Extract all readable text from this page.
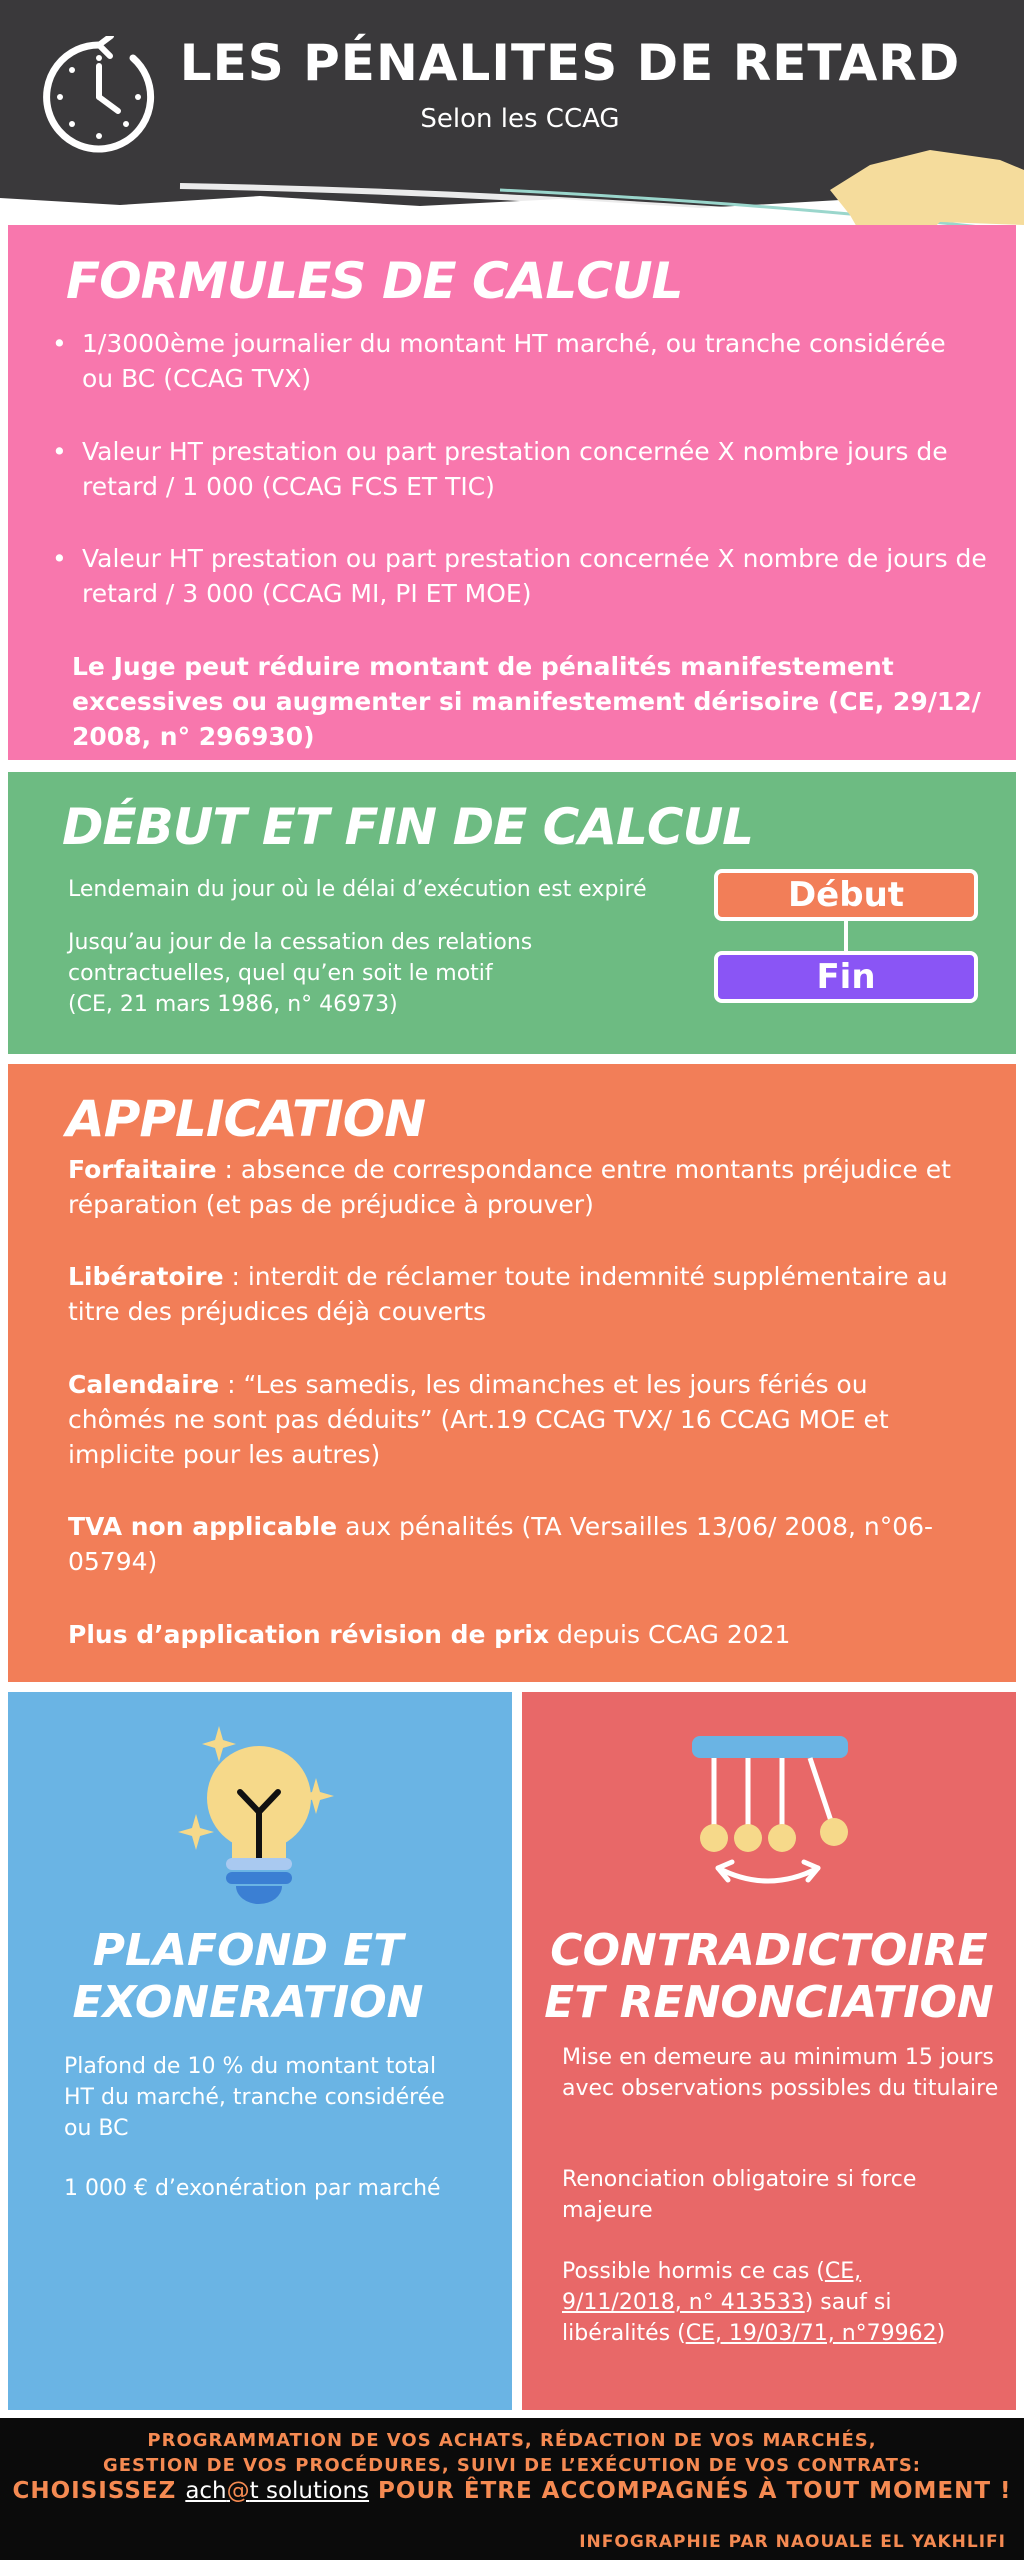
LES PÉNALITES DE RETARD
Selon les CCAG
FORMULES DE CALCUL

• 1/3000ème journalier du montant HT marché, ou tranche considérée ou BC (CCAG TVX)

• Valeur HT prestation ou part prestation concernée X nombre jours de retard / 1 000 (CCAG FCS ET TIC)

• Valeur HT prestation ou part prestation concernée X nombre de jours de retard / 3 000 (CCAG MI, PI ET MOE)

Le Juge peut réduire montant de pénalités manifestement excessives ou augmenter si manifestement dérisoire (CE, 29/12/ 2008, n° 296930)

DÉBUT ET FIN DE CALCUL

Lendemain du jour où le délai d’exécution est expiré

Jusqu’au jour de la cessation des relations contractuelles, quel qu’en soit le motif

(CE, 21 mars 1986, n° 46973)

Début
Fin
APPLICATION

Forfaitaire : absence de correspondance entre montants préjudice et réparation (et pas de préjudice à prouver)

Libératoire : interdit de réclamer toute indemnité supplémentaire au titre des préjudices déjà couverts

Calendaire : “Les samedis, les dimanches et les jours fériés ou chômés ne sont pas déduits” (Art.19 CCAG TVX/ 16 CCAG MOE et implicite pour les autres)

TVA non applicable aux pénalités (TA Versailles 13/06/ 2008, n°06-05794)

Plus d’application révision de prix depuis CCAG 2021

PLAFOND ET
EXONERATION

Plafond de 10 % du montant total HT du marché, tranche considérée ou BC

1 000 € d’exonération par marché

CONTRADICTOIRE
ET RENONCIATION

Mise en demeure au minimum 15 jours avec observations possibles du titulaire

Renonciation obligatoire si force majeure

Possible hormis ce cas (CE, 9/11/2018, n° 413533) sauf si libéralités (CE, 19/03/71, n°79962)

PROGRAMMATION DE VOS ACHATS, RÉDACTION DE VOS MARCHÉS,
GESTION DE VOS PROCÉDURES, SUIVI DE L’EXÉCUTION DE VOS CONTRATS:
CHOISISSEZ ach@t solutions POUR ÊTRE ACCOMPAGNÉS À TOUT MOMENT !
INFOGRAPHIE PAR NAOUALE EL YAKHLIFI
